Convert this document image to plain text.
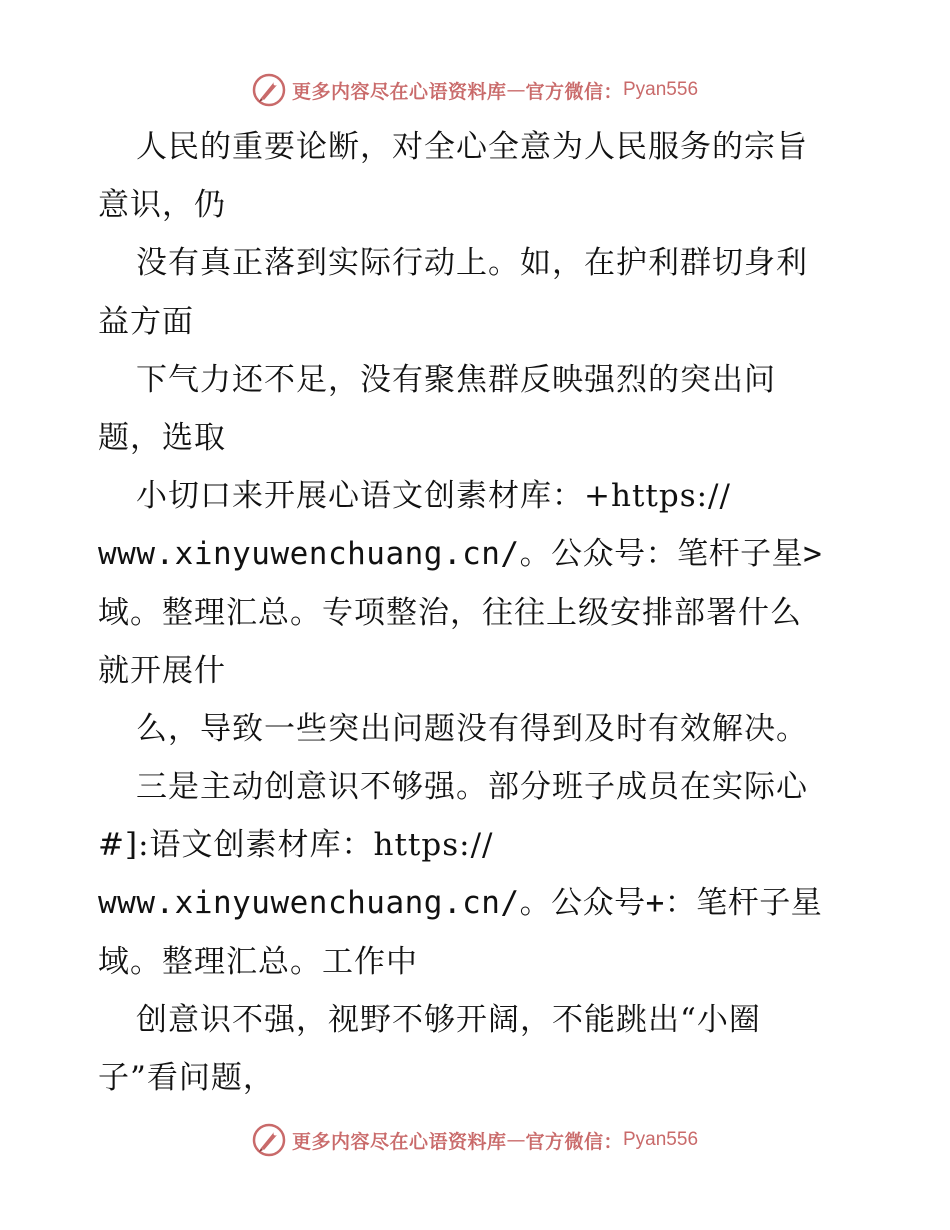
更多内容尽在心语资料库 — 官方微信： Pyan556
人民的重要论断，对全心全意为人民服务的宗旨
意识，仍
没有真正落到实际行动上。如，在护利群切身利
益方面
下气力还不足，没有聚焦群反映强烈的突出问
题，选取
小切口来开展心语文创素材库：+https://
www.xinyuwenchuang.cn/。公众号：笔杆子星>
域。整理汇总。专项整治，往往上级安排部署什么
就开展什
么，导致一些突出问题没有得到及时有效解决。
三是主动创意识不够强。部分班子成员在实际心
#]:语文创素材库：https://
www.xinyuwenchuang.cn/。公众号+：笔杆子星
域。整理汇总。工作中
创意识不强，视野不够开阔，不能跳出“小圈
子”看问题，
更多内容尽在心语资料库 — 官方微信： Pyan556
